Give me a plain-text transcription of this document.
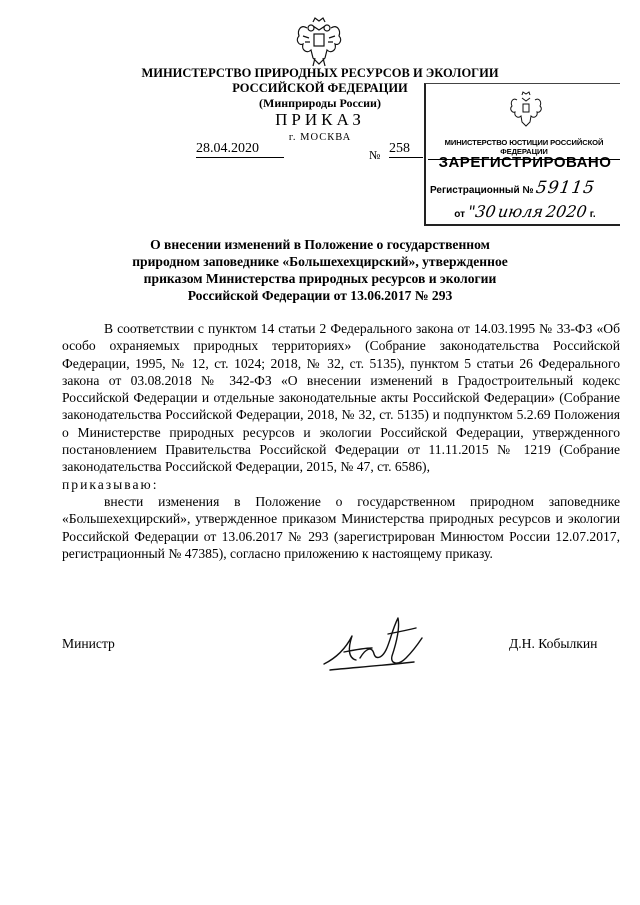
МИНИСТЕРСТВО ПРИРОДНЫХ РЕСУРСОВ И ЭКОЛОГИИ
РОССИЙСКОЙ ФЕДЕРАЦИИ
(Минприроды России)
ПРИКАЗ
г. МОСКВА
28.04.2020	№ 258	МИНИСТЕРСТВО ЮСТИЦИИ РОССИЙСКОЙ ФЕДЕРАЦИИ
ЗАРЕГИСТРИРОВАНО
Регистрационный № 59115
от "30 июля 2020 г.
О внесении изменений в Положение о государственном
природном заповеднике «Большехехцирский», утвержденное
приказом Министерства природных ресурсов и экологии
Российской Федерации от 13.06.2017 № 293

В соответствии с пунктом 14 статьи 2 Федерального закона от 14.03.1995 № 33-ФЗ «Об особо охраняемых природных территориях» (Собрание законодательства Российской Федерации, 1995, № 12, ст. 1024; 2018, № 32, ст. 5135), пунктом 5 статьи 26 Федерального закона от 03.08.2018 № 342-ФЗ «О внесении изменений в Градостроительный кодекс Российской Федерации и отдельные законодательные акты Российской Федерации» (Собрание законодательства Российской Федерации, 2018, № 32, ст. 5135) и подпунктом 5.2.69 Положения о Министерстве природных ресурсов и экологии Российской Федерации, утвержденного постановлением Правительства Российской Федерации от 11.11.2015 № 1219 (Собрание законодательства Российской Федерации, 2015, № 47, ст. 6586),

приказываю:

внести изменения в Положение о государственном природном заповеднике «Большехехцирский», утвержденное приказом Министерства природных ресурсов и экологии Российской Федерации от 13.06.2017 № 293 (зарегистрирован Минюстом России 12.07.2017, регистрационный № 47385), согласно приложению к настоящему приказу.

Министр	Д.Н. Кобылкин
